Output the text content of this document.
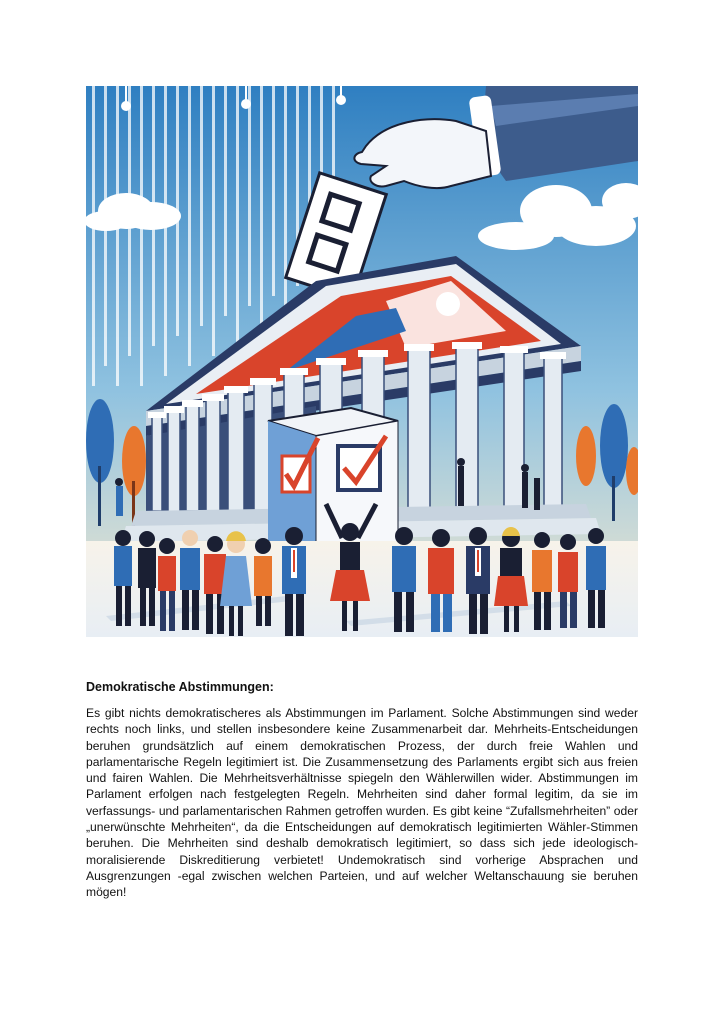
Demokratische Abstimmungen:

Es gibt nichts demokratischeres als Abstimmungen im Parlament. Solche Abstimmungen sind weder rechts noch links, und stellen insbesondere keine Zusammenarbeit dar. Mehrheits-Entscheidungen beruhen grundsätzlich auf einem demokratischen Prozess, der durch freie Wahlen und parlamentarische Regeln legitimiert ist. Die Zusammensetzung des Parlaments ergibt sich aus freien und fairen Wahlen. Die Mehrheitsverhältnisse spiegeln den Wählerwillen wider. Abstimmungen im Parlament erfolgen nach festgelegten Regeln. Mehrheiten sind daher formal legitim, da sie im verfassungs- und parlamentarischen Rahmen getroffen wurden. Es gibt keine “Zufallsmehrheiten” oder „unerwünschte Mehrheiten“, da die Entscheidungen auf demokratisch legitimierten Wähler-Stimmen beruhen. Die Mehrheiten sind deshalb demokratisch legitimiert, so dass sich jede ideologisch-moralisierende Diskreditierung verbietet! Undemokratisch sind vorherige Absprachen und Ausgrenzungen -egal zwischen welchen Parteien, und auf welcher Weltanschauung sie beruhen mögen!
